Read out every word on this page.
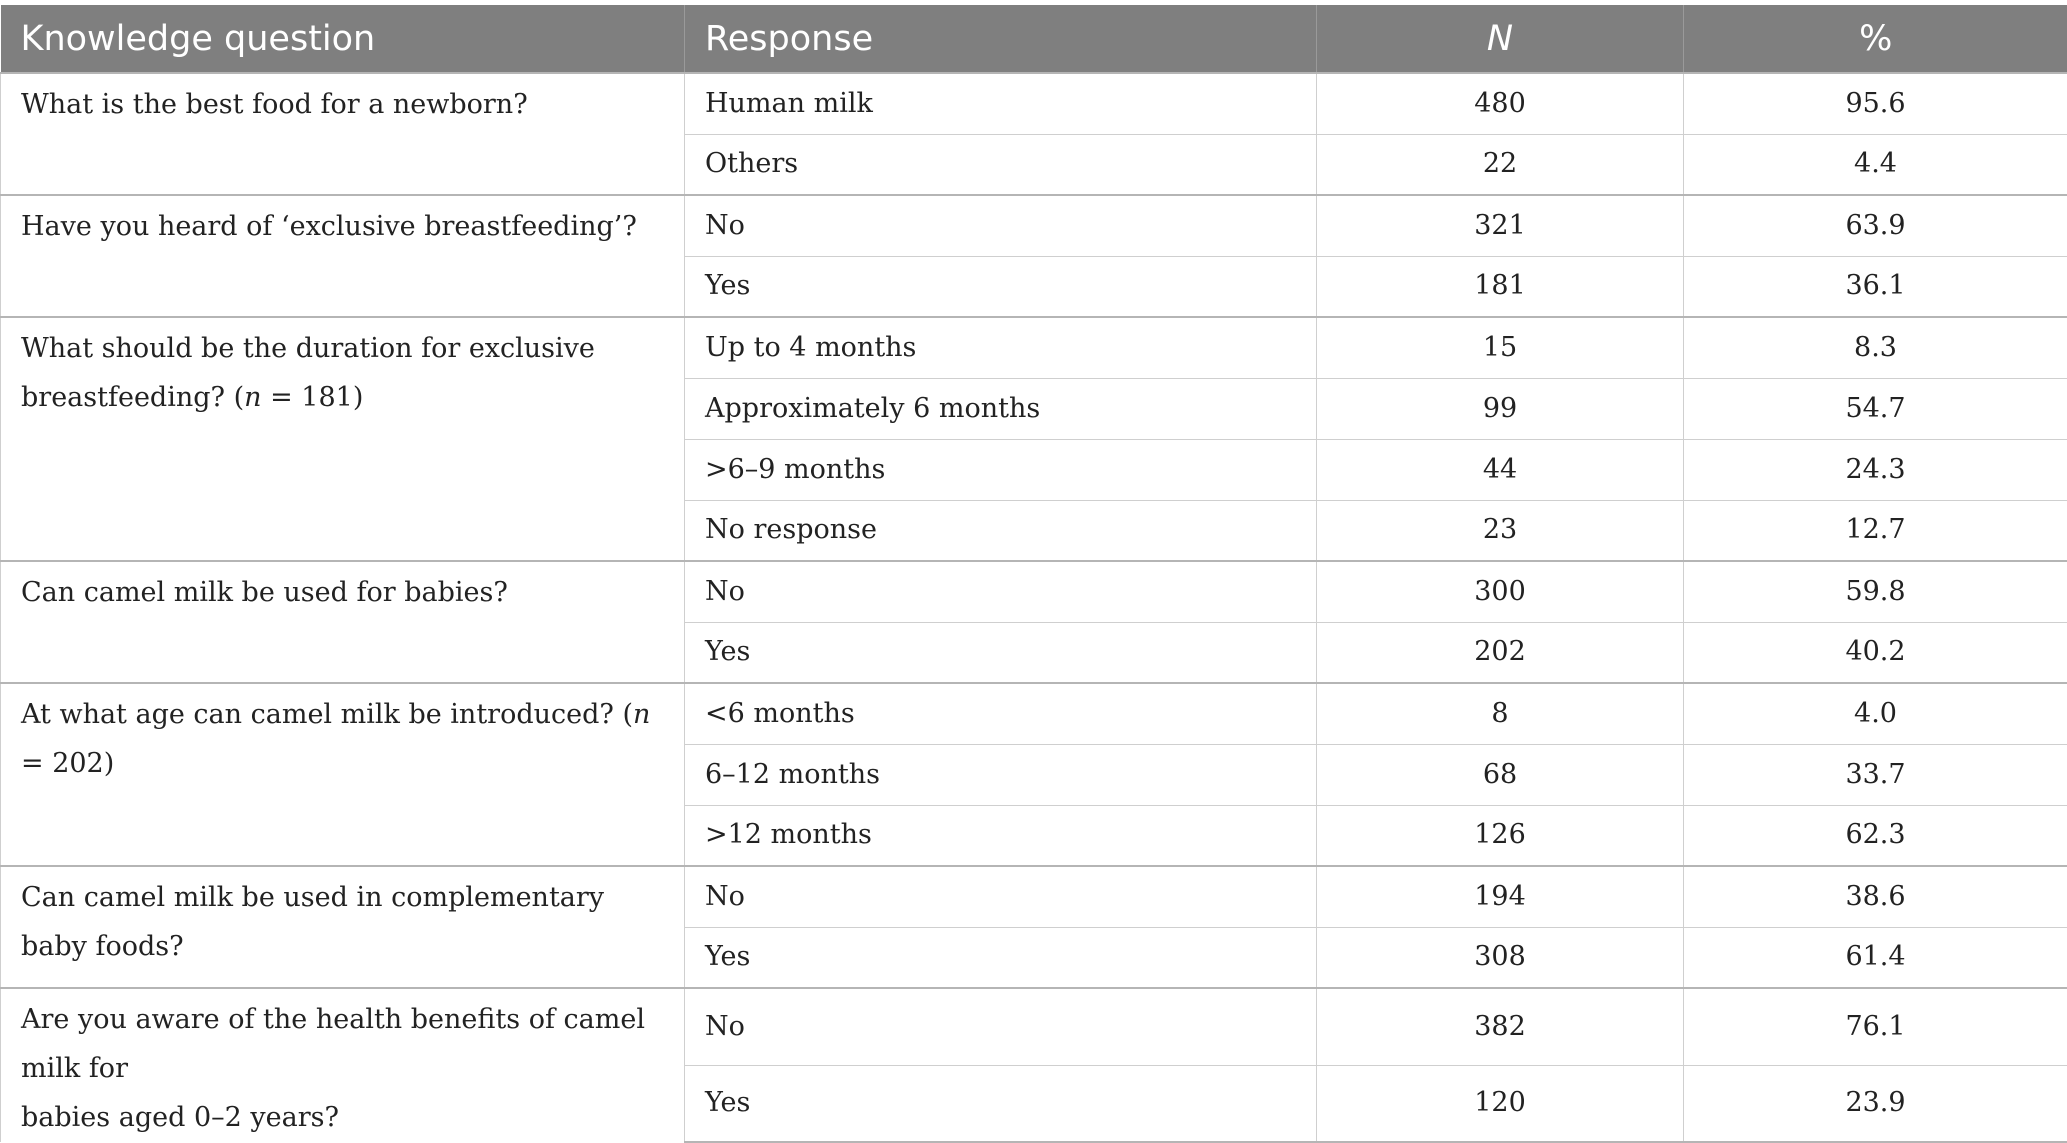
Knowledge question	Response	N	%
What is the best food for a newborn?	Human milk	480	95.6
	Others	22	4.4
Have you heard of ‘exclusive breastfeeding’?	No	321	63.9
	Yes	181	36.1
What should be the duration for exclusive
breastfeeding? (n = 181)	Up to 4 months	15	8.3
	Approximately 6 months	99	54.7
	>6–9 months	44	24.3
	No response	23	12.7
Can camel milk be used for babies?	No	300	59.8
	Yes	202	40.2
At what age can camel milk be introduced? (n = 202)	<6 months	8	4.0
	6–12 months	68	33.7
	>12 months	126	62.3
Can camel milk be used in complementary baby foods?	No	194	38.6
	Yes	308	61.4
Are you aware of the health benefits of camel milk for
babies aged 0–2 years?	No	382	76.1
	Yes	120	23.9
